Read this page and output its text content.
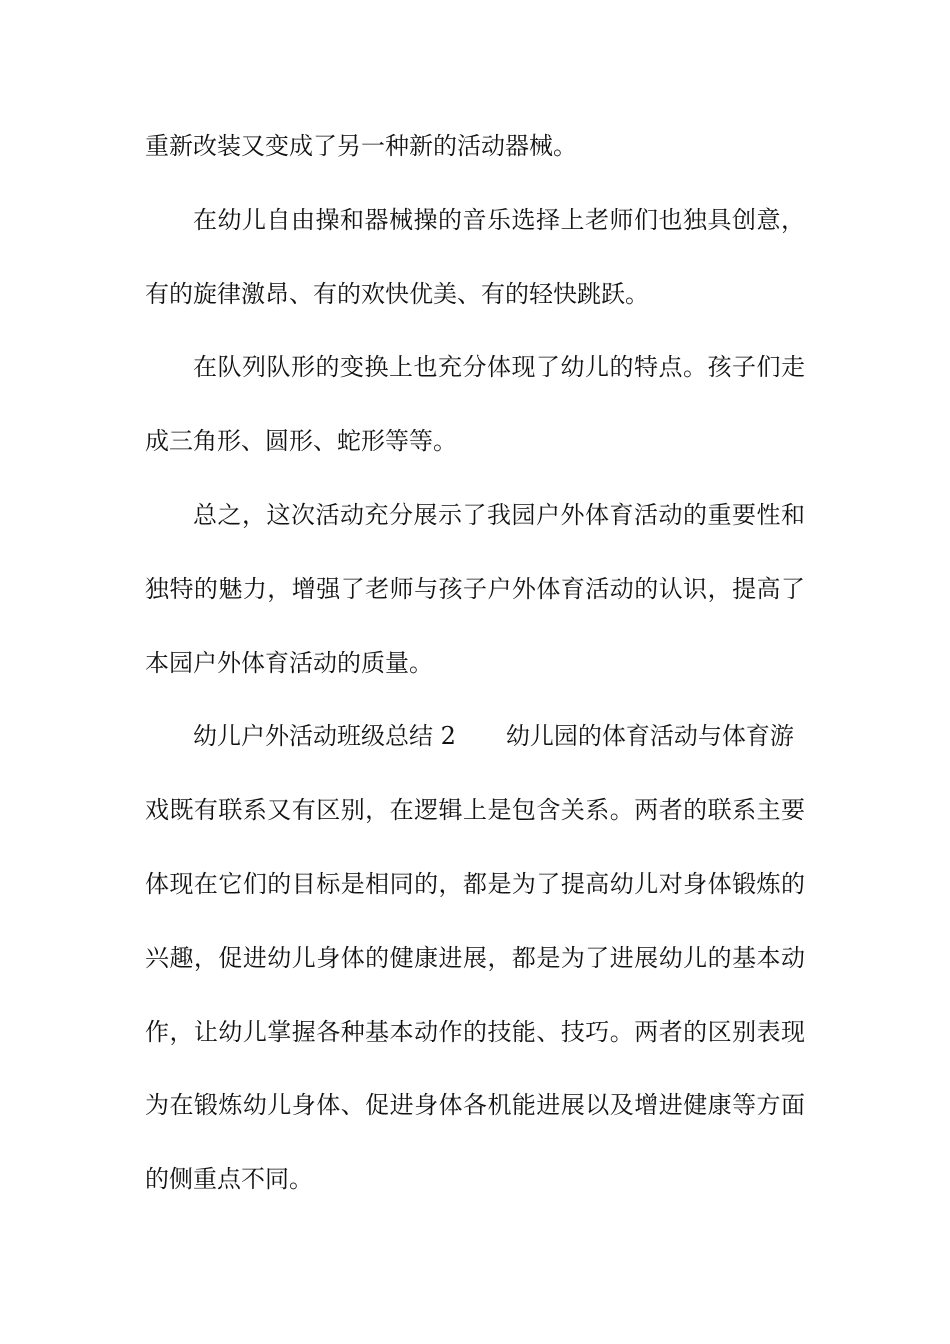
重新改装又变成了另一种新的活动器械。
在幼儿自由操和器械操的音乐选择上老师们也独具创意，
有的旋律激昂、有的欢快优美、有的轻快跳跃。
在队列队形的变换上也充分体现了幼儿的特点。孩子们走
成三角形、圆形、蛇形等等。
总之，这次活动充分展示了我园户外体育活动的重要性和
独特的魅力，增强了老师与孩子户外体育活动的认识，提高了
本园户外体育活动的质量。
幼儿户外活动班级总结 2 幼儿园的体育活动与体育游
戏既有联系又有区别，在逻辑上是包含关系。两者的联系主要
体现在它们的目标是相同的，都是为了提高幼儿对身体锻炼的
兴趣，促进幼儿身体的健康进展，都是为了进展幼儿的基本动
作，让幼儿掌握各种基本动作的技能、技巧。两者的区别表现
为在锻炼幼儿身体、促进身体各机能进展以及增进健康等方面
的侧重点不同。
